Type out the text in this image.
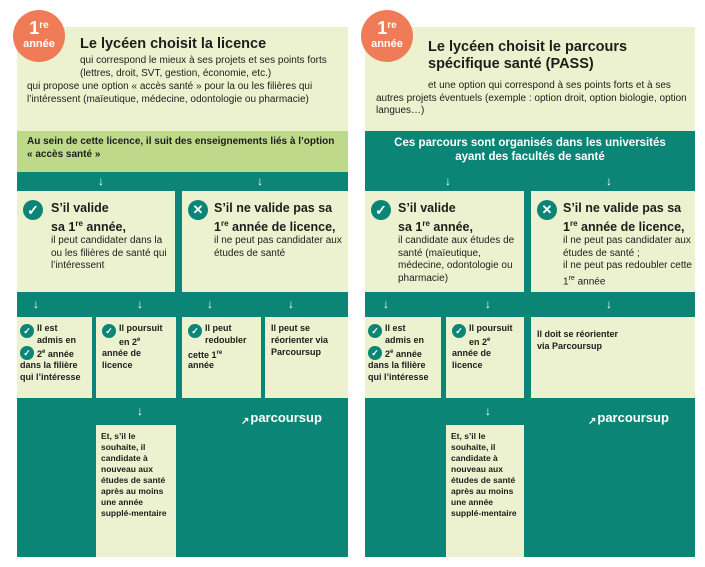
1re
année	Le lycéen choisit la licence
qui correspond le mieux à ses projets et ses points forts (lettres, droit, SVT, gestion, économie, etc.)
qui propose une option « accès santé » pour la ou les filières qui l’intéressent (maïeutique, médecine, odontologie ou pharmacie)
Au sein de cette licence, il suit des enseignements liés à l’option « accès santé »
↓	↓
✓ S’il valide
sa 1re année,

il peut candidater dans la ou les filières de santé qui l’intéressent

✕ S’il ne valide pas sa
1re année de licence,

il ne peut pas candidater aux études de santé

↓	↓	↓	↓
✓
✓
Il est
admis en
2e année
dans la filière
qui l’intéresse
✓ Il poursuit
en 2e
année de
licence
✓ Il peut
redoubler
cette 1re
année
Il peut se
réorienter via
Parcoursup
↓
↗parcoursup
Et, s’il le souhaite, il candidate à nouveau aux études de santé après au moins une année supplé-mentaire
1re
année	Le lycéen choisit le parcours
spécifique santé (PASS)
et une option qui correspond à ses points forts et à ses autres projets éventuels (exemple : option droit, option biologie, option langues…)
Ces parcours sont organisés dans les universités
ayant des facultés de santé
↓	↓
✓ S’il valide
sa 1re année,

il candidate aux études de santé (maïeutique, médecine, odontologie ou pharmacie)

✕ S’il ne valide pas sa
1re année de licence,

il ne peut pas candidater aux études de santé ;

il ne peut pas redoubler cette 1re année

↓	↓	↓
✓
✓
Il est
admis en
2e année
dans la filière
qui l’intéresse
✓ Il poursuit
en 2e
année de
licence
Il doit se réorienter
via Parcoursup
↓
↗parcoursup
Et, s’il le souhaite, il candidate à nouveau aux études de santé après au moins une année supplé-mentaire
